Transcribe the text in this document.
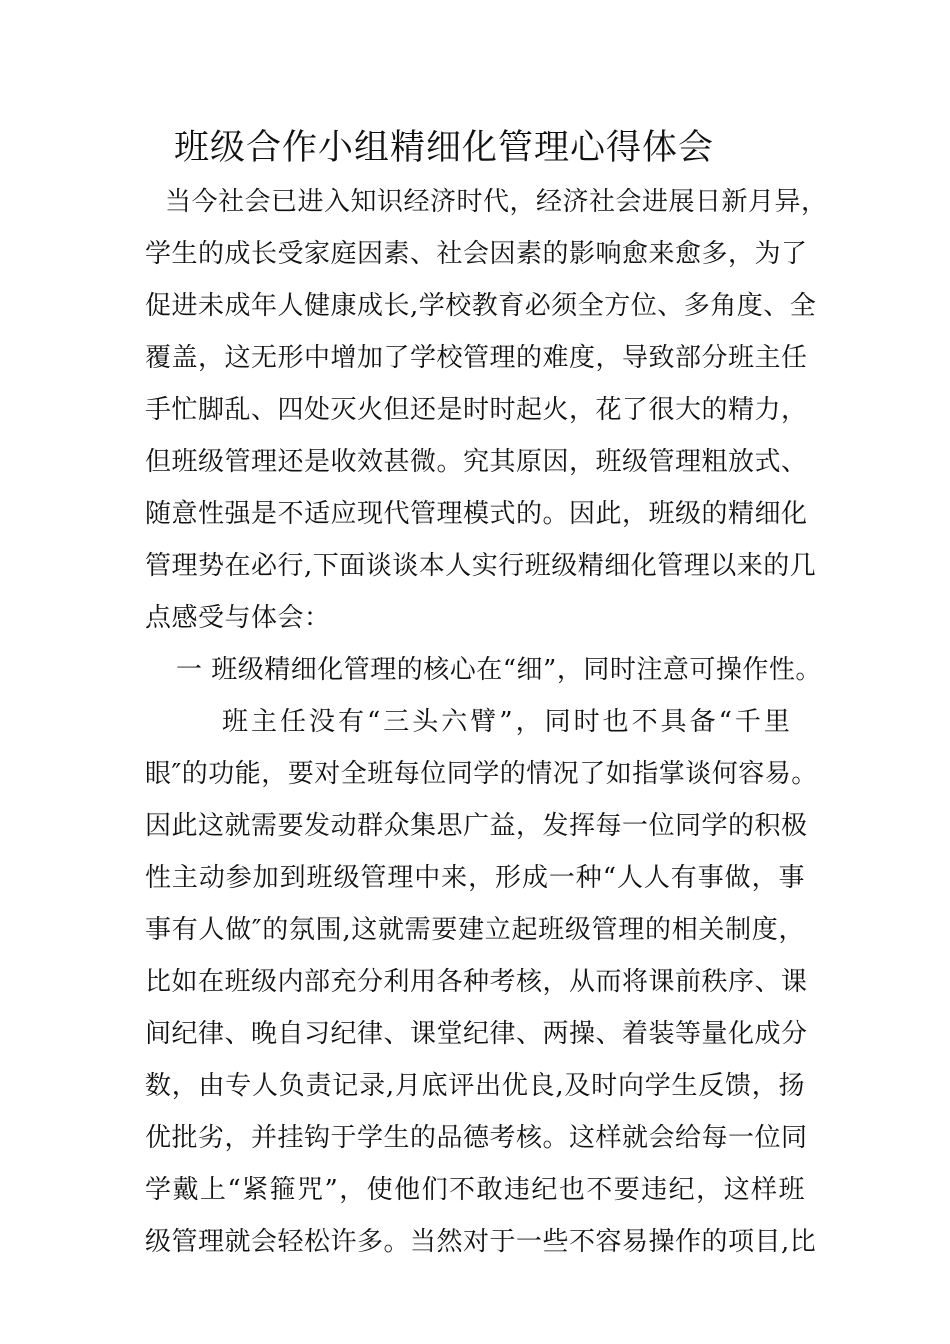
班级合作小组精细化管理心得体会
当今社会已进入知识经济时代，经济社会进展日新月异，
学生的成长受家庭因素、社会因素的影响愈来愈多，为了
促进未成年人健康成长,学校教育必须全方位、多角度、全
覆盖，这无形中增加了学校管理的难度，导致部分班主任
手忙脚乱、四处灭火但还是时时起火，花了很大的精力，
但班级管理还是收效甚微。究其原因，班级管理粗放式、
随意性强是不适应现代管理模式的。因此，班级的精细化
管理势在必行,下面谈谈本人实行班级精细化管理以来的几
点感受与体会：
一 班级精细化管理的核心在“细”，同时注意可操作性。
班主任没有“三头六臂”，同时也不具备“千里
眼″的功能，要对全班每位同学的情况了如指掌谈何容易。
因此这就需要发动群众集思广益，发挥每一位同学的积极
性主动参加到班级管理中来，形成一种“人人有事做，事
事有人做″的氛围,这就需要建立起班级管理的相关制度，
比如在班级内部充分利用各种考核，从而将课前秩序、课
间纪律、晚自习纪律、课堂纪律、两操、着装等量化成分
数，由专人负责记录,月底评出优良,及时向学生反馈，扬
优批劣，并挂钩于学生的品德考核。这样就会给每一位同
学戴上“紧箍咒”，使他们不敢违纪也不要违纪，这样班
级管理就会轻松许多。当然对于一些不容易操作的项目,比
